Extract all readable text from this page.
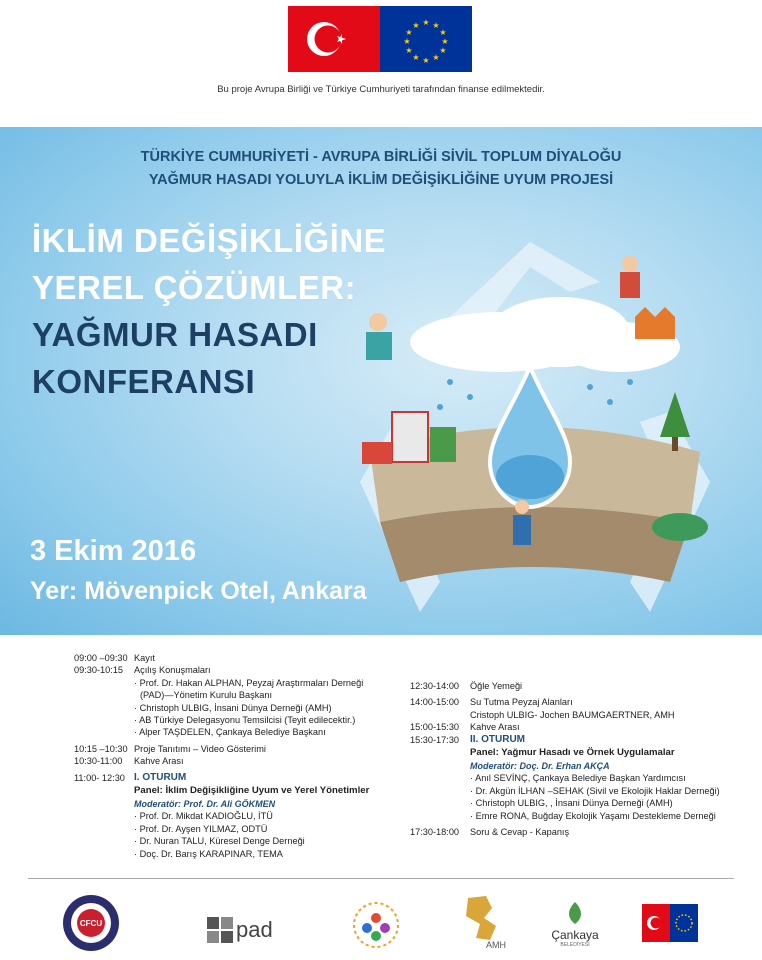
★ ★
★
★
★
★
★
★
★
★
★
★
Bu proje Avrupa Birliği ve Türkiye Cumhuriyeti tarafından finanse edilmektedir.
TÜRKİYE CUMHURİYETİ - AVRUPA BİRLİĞİ SİVİL TOPLUM DİYALOĞU
YAĞMUR HASADI YOLUYLA İKLİM DEĞİŞİKLİĞİNE UYUM PROJESİ
İKLİM DEĞİŞİKLİĞİNE
YEREL ÇÖZÜMLER:
YAĞMUR HASADI
KONFERANSI
3 Ekim 2016
Yer: Mövenpick Otel, Ankara
09:00 –09:30 Kayıt
09:30-10:15	Açılış Konuşmaları
· Prof. Dr. Hakan ALPHAN, Peyzaj Araştırmaları Derneği
(PAD)—Yönetim Kurulu Başkanı
· Christoph ULBIG, İnsani Dünya Derneği (AMH)
· AB Türkiye Delegasyonu Temsilcisi (Teyit edilecektir.)
· Alper TAŞDELEN, Çankaya Belediye Başkanı
10:15 –10:30 Proje Tanıtımı – Video Gösterimi
10:30-11:00	Kahve Arası
11:00- 12:30 I. OTURUM
Panel: İklim Değişikliğine Uyum ve Yerel Yönetimler
Moderatör: Prof. Dr. Ali GÖKMEN
· Prof. Dr. Mikdat KADIOĞLU, İTÜ
· Prof. Dr. Ayşen YILMAZ, ODTÜ
· Dr. Nuran TALU, Küresel Denge Derneği
· Doç. Dr. Barış KARAPINAR, TEMA
12:30-14:00	Öğle Yemeği
14:00-15:00	Su Tutma Peyzaj Alanları
Cristoph ULBIG- Jochen BAUMGAERTNER, AMH
15:00-15:30	Kahve Arası
15:30-17:30	II. OTURUM
Panel: Yağmur Hasadı ve Örnek Uygulamalar
Moderatör: Doç. Dr. Erhan AKÇA
· Anıl SEVİNÇ, Çankaya Belediye Başkan Yardımcısı
· Dr. Akgün İLHAN –SEHAK (Sivil ve Ekolojik Haklar Derneği)
· Christoph ULBIG, , İnsani Dünya Derneği (AMH)
· Emre RONA, Buğday Ekolojik Yaşamı Destekleme Derneği
17:30-18:00	Soru & Cevap - Kapanış
CFCU	pad
AMH
Çankaya
BELEDİYESİ
